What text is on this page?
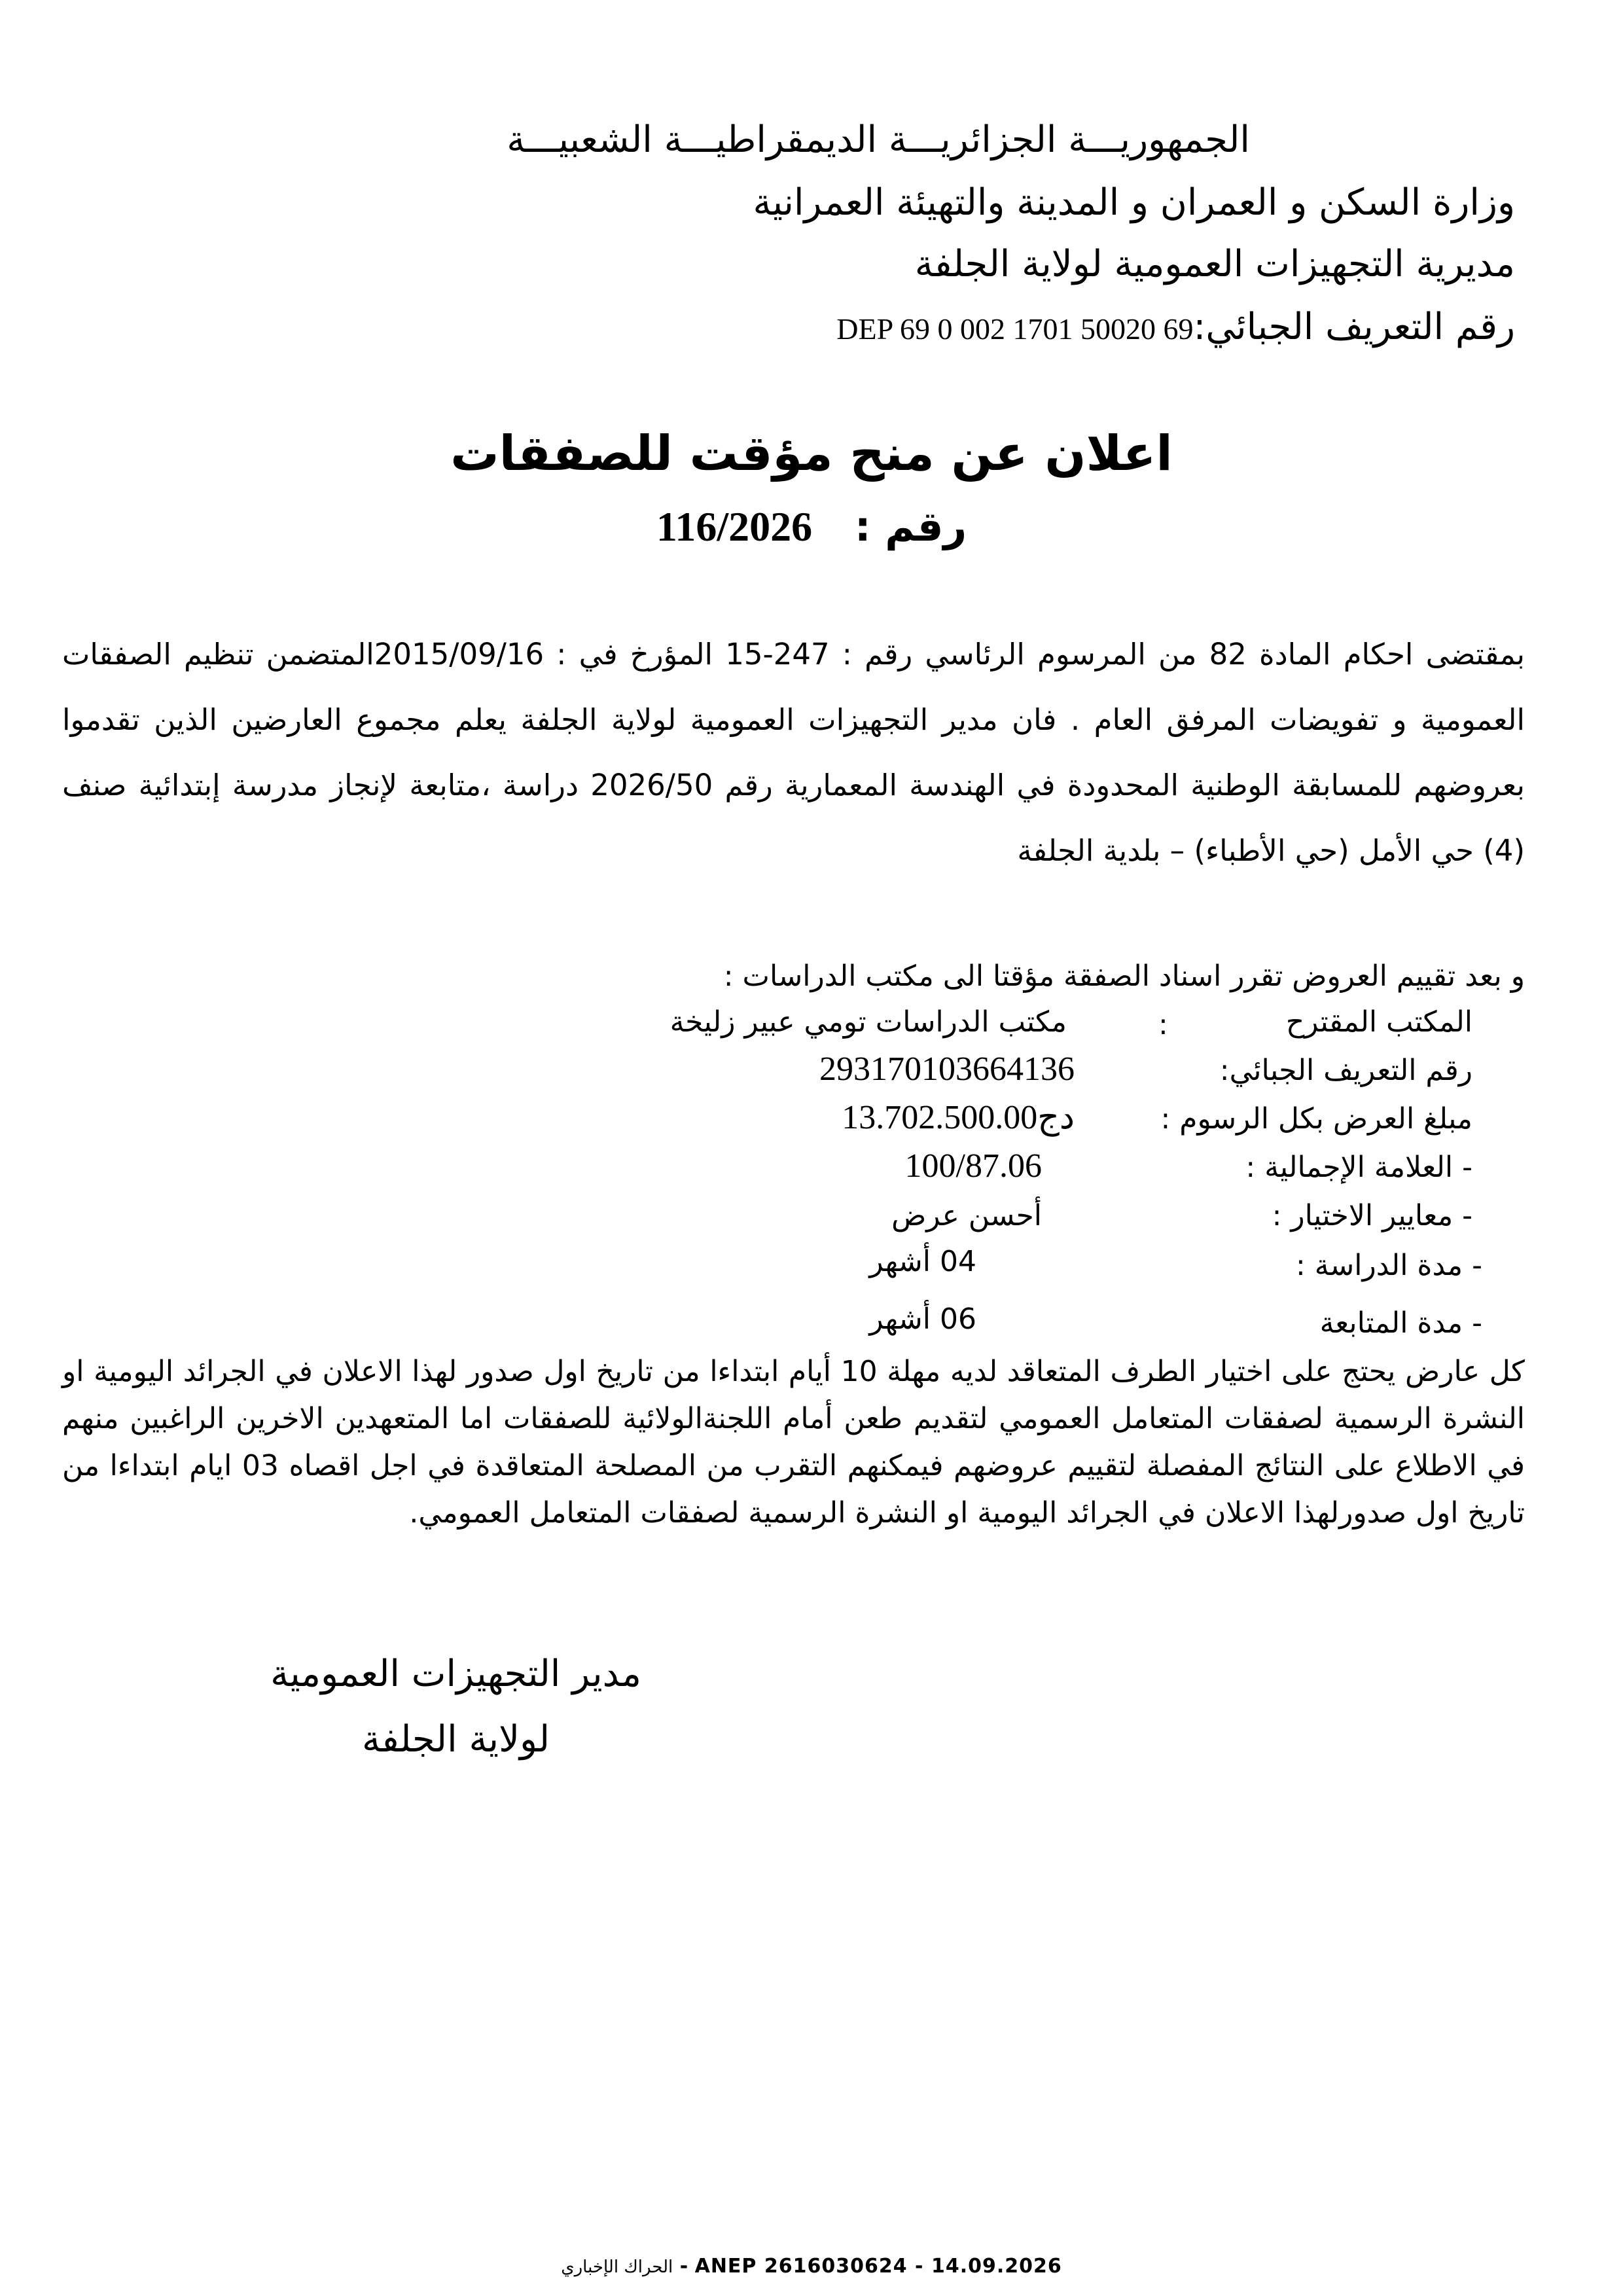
الجمهوريـــة الجزائريـــة الديمقراطيـــة الشعبيـــة
وزارة السكن و العمران و المدينة والتهيئة العمرانية
مديرية التجهيزات العمومية لولاية الجلفة
رقم التعريف الجبائي:DEP 69 0 002 1701 50020 69
اعلان عن منح مؤقت للصفقات
رقم :   116/2026
بمقتضى احكام المادة 82 من المرسوم الرئاسي رقم : 247-15 المؤرخ في : 2015/09/16المتضمن تنظيم الصفقات العمومية و تفويضات المرفق العام . فان مدير التجهيزات العمومية لولاية الجلفة يعلم مجموع العارضين الذين تقدموا بعروضهم للمسابقة الوطنية المحدودة في الهندسة المعمارية رقم 2026/50 دراسة ،متابعة لإنجاز مدرسة إبتدائية صنف (4) حي الأمل (حي الأطباء) – بلدية الجلفة
و بعد تقييم العروض تقرر اسناد الصفقة مؤقتا الى مكتب الدراسات :
المكتب المقترح
:
مكتب الدراسات تومي عبير زليخة
رقم التعريف الجبائي:
293170103664136
مبلغ العرض بكل الرسوم :
13.702.500.00دج
- العلامة الإجمالية :
100/87.06
- معايير الاختيار :
أحسن عرض
- مدة الدراسة :
04 أشهر
- مدة المتابعة
06 أشهر
كل عارض يحتج على اختيار الطرف المتعاقد لديه مهلة 10 أيام ابتداءا من تاريخ اول صدور لهذا الاعلان في الجرائد اليومية او النشرة الرسمية لصفقات المتعامل العمومي لتقديم طعن أمام اللجنةالولائية للصفقات اما المتعهدين الاخرين الراغبين منهم في الاطلاع على النتائج المفصلة لتقييم عروضهم فيمكنهم التقرب من المصلحة المتعاقدة في اجل اقصاه 03 ايام ابتداءا من تاريخ اول صدورلهذا الاعلان في الجرائد اليومية او النشرة الرسمية لصفقات المتعامل العمومي.
مدير التجهيزات العمومية
لولاية الجلفة
الحراك الإخباري - ANEP 2616030624 - 14.09.2026
